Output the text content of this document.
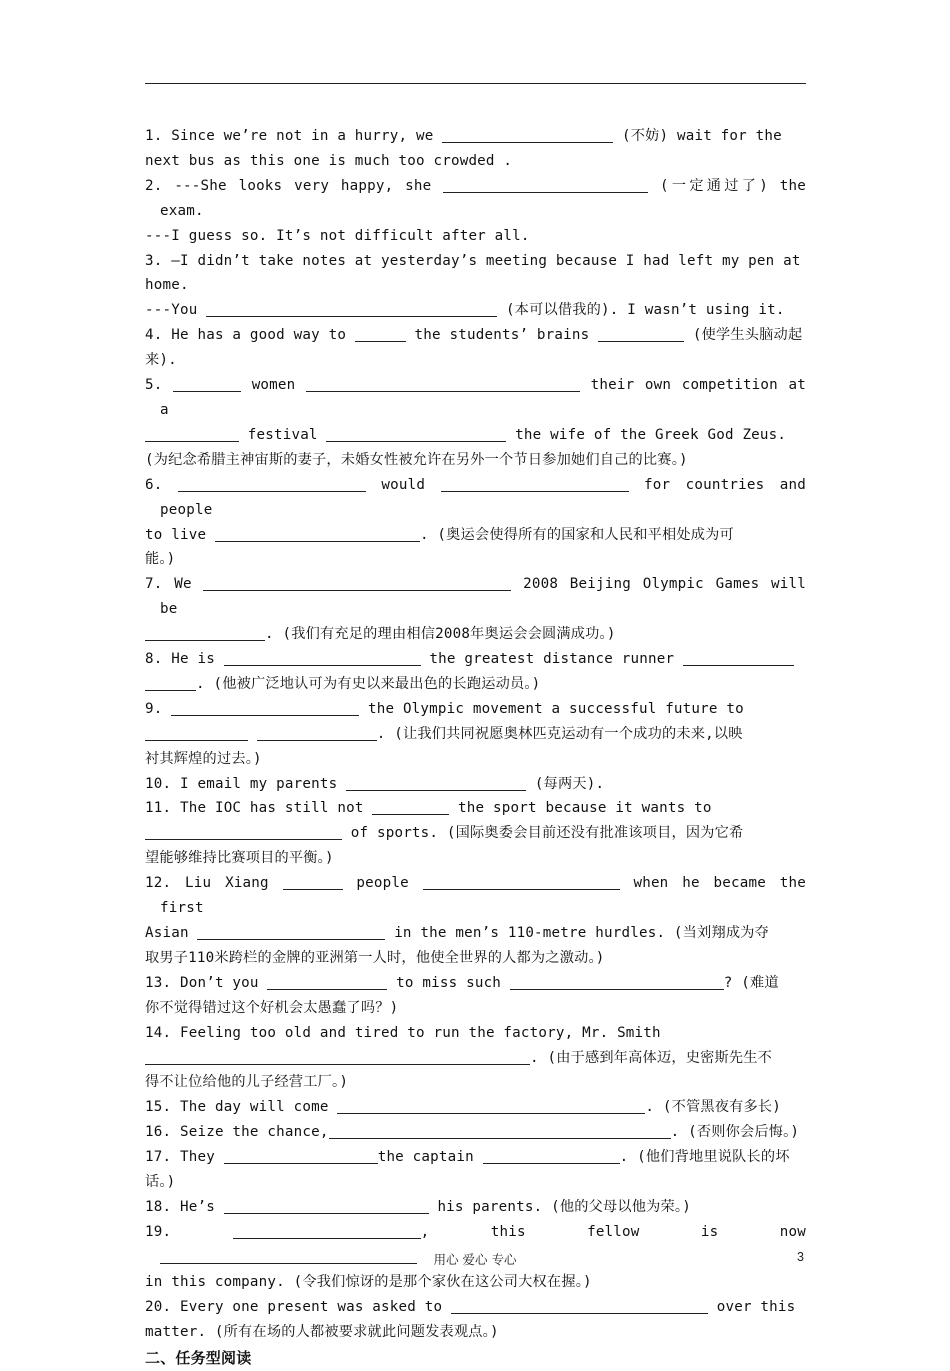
1. Since we’re not in a hurry, we	(不妨) wait for the

next bus as this one is much too crowded .

2. ---She looks very happy, she	(一定通过了) the exam.

---I guess so. It’s not difficult after all.

3. —I didn’t take notes at yesterday’s meeting because I had left my pen at

home.

---You	(本可以借我的). I wasn’t using it.

4. He has a good way to	the students’ brains	(使学生头脑动起

来).

5.	women	their own competition at a

festival	the wife of the Greek God Zeus.

(为纪念希腊主神宙斯的妻子，未婚女性被允许在另外一个节日参加她们自己的比赛。)

6.	would	for countries and people

to live	. (奥运会使得所有的国家和人民和平相处成为可

能。)

7. We	2008 Beijing Olympic Games will be

. (我们有充足的理由相信2008年奥运会会圆满成功。)

8. He is	the greatest distance runner

. (他被广泛地认可为有史以来最出色的长跑运动员。)

9.	the Olympic movement a successful future to

. (让我们共同祝愿奥林匹克运动有一个成功的未来,以映

衬其辉煌的过去。)

10. I email my parents	(每两天).

11. The IOC has still not	the sport because it wants to

of sports. (国际奥委会目前还没有批准该项目，因为它希

望能够维持比赛项目的平衡。)

12. Liu Xiang	people	when he became the first

Asian	in the men’s 110-metre hurdles. (当刘翔成为夺

取男子110米跨栏的金牌的亚洲第一人时，他使全世界的人都为之激动。)

13. Don’t you	to miss such	? (难道

你不觉得错过这个好机会太愚蠢了吗？)

14. Feeling too old and tired to run the factory, Mr. Smith

. (由于感到年高体迈，史密斯先生不

得不让位给他的儿子经营工厂。)

15. The day will come	. (不管黑夜有多长)

16. Seize the chance,	. (否则你会后悔。)

17. They	the captain	. (他们背地里说队长的坏

话。)

18. He’s	his parents. (他的父母以他为荣。)

19.	, this fellow is now

in this company. (令我们惊讶的是那个家伙在这公司大权在握。)

20. Every one present was asked to	over this

matter. (所有在场的人都被要求就此问题发表观点。)

二、任务型阅读
用心 爱心 专心	3
